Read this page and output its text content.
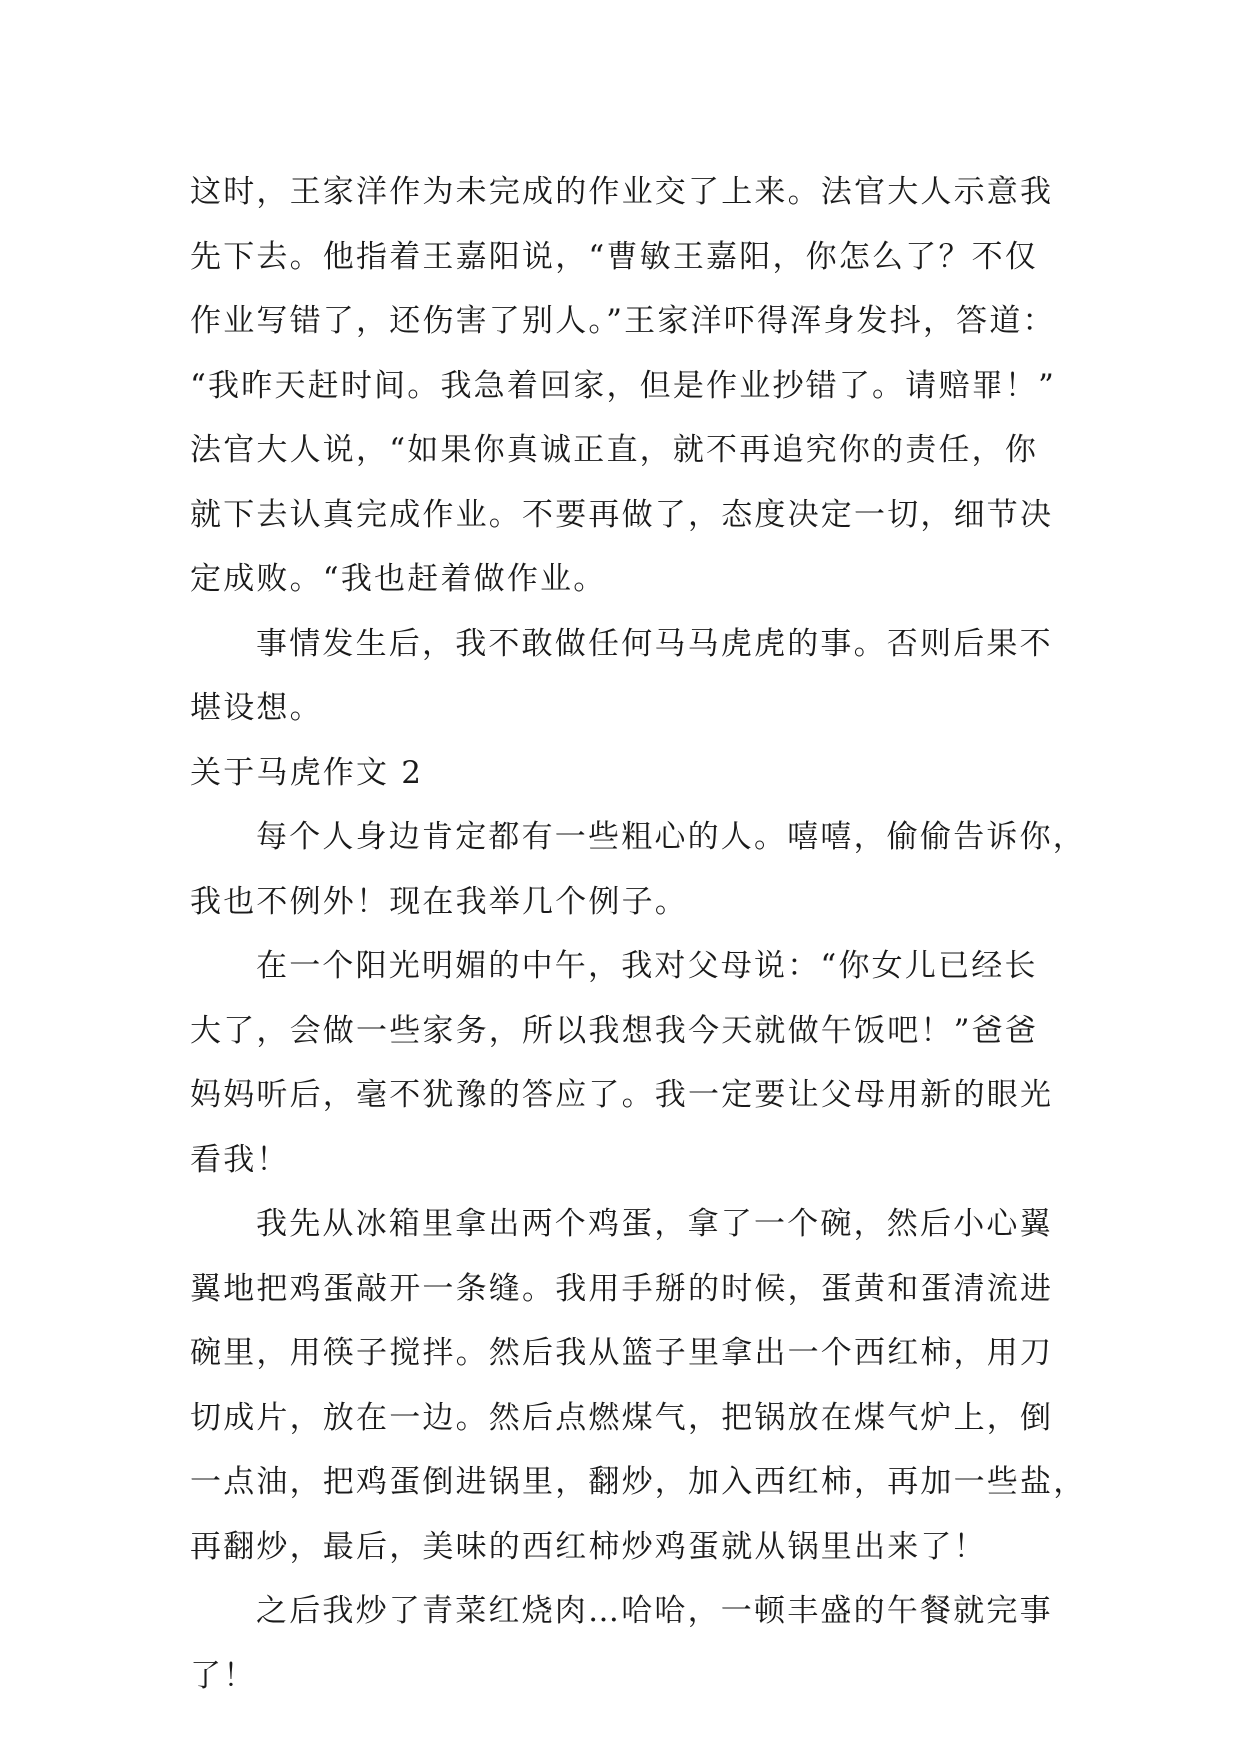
这时，王家洋作为未完成的作业交了上来。法官大人示意我
先下去。他指着王嘉阳说，“曹敏王嘉阳，你怎么了？不仅
作业写错了，还伤害了别人。”王家洋吓得浑身发抖，答道：
“我昨天赶时间。我急着回家，但是作业抄错了。请赔罪！”
法官大人说，“如果你真诚正直，就不再追究你的责任，你
就下去认真完成作业。不要再做了，态度决定一切，细节决
定成败。“我也赶着做作业。
事情发生后，我不敢做任何马马虎虎的事。否则后果不
堪设想。
关于马虎作文 2
每个人身边肯定都有一些粗心的人。嘻嘻，偷偷告诉你，
我也不例外！现在我举几个例子。
在一个阳光明媚的中午，我对父母说：“你女儿已经长
大了，会做一些家务，所以我想我今天就做午饭吧！”爸爸
妈妈听后，毫不犹豫的答应了。我一定要让父母用新的眼光
看我！
我先从冰箱里拿出两个鸡蛋，拿了一个碗，然后小心翼
翼地把鸡蛋敲开一条缝。我用手掰的时候，蛋黄和蛋清流进
碗里，用筷子搅拌。然后我从篮子里拿出一个西红柿，用刀
切成片，放在一边。然后点燃煤气，把锅放在煤气炉上，倒
一点油，把鸡蛋倒进锅里，翻炒，加入西红柿，再加一些盐，
再翻炒，最后，美味的西红柿炒鸡蛋就从锅里出来了！
之后我炒了青菜红烧肉…哈哈，一顿丰盛的午餐就完事
了！
